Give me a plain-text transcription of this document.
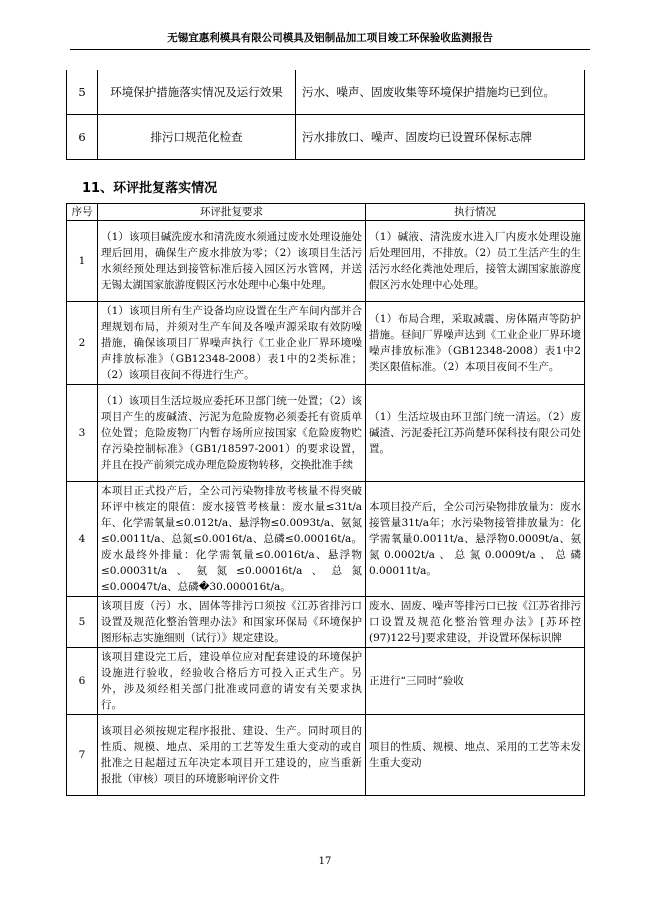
无锡宜惠利模具有限公司模具及铝制品加工项目竣工环保验收监测报告
5	环境保护措施落实情况及运行效果	污水、噪声、固废收集等环境保护措施均已到位。
6	排污口规范化检查	污水排放口、噪声、固废均已设置环保标志牌
11、环评批复落实情况
序号	环评批复要求	执行情况
1	（1）该项目碱洗废水和清洗废水须通过废水处理设施处理后回用，确保生产废水排放为零；（2）该项目生活污水须经预处理达到接管标准后接入园区污水管网，并送无锡太湖国家旅游度假区污水处理中心集中处理。	（1）碱液、清洗废水进入厂内废水处理设施后处理回用，不排放。（2）员工生活产生的生活污水经化粪池处理后，接管太湖国家旅游度假区污水处理中心处理。
2	（1）该项目所有生产设备均应设置在生产车间内部并合理规划布局，并须对生产车间及各噪声源采取有效防噪措施，确保该项目厂界噪声执行《工业企业厂界环境噪声排放标准》（GB12348-2008）表1中的2类标准；（2）该项目夜间不得进行生产。	（1）布局合理，采取减震、房体隔声等防护措施。昼间厂界噪声达到《工业企业厂界环境噪声排放标准》（GB12348-2008）表1中2类区限值标准。（2）本项目夜间不生产。
3	（1）该项目生活垃圾应委托环卫部门统一处置；（2）该项目产生的废碱渣、污泥为危险废物必须委托有资质单位处置；危险废物厂内暂存场所应按国家《危险废物贮存污染控制标准》（GB1/18597-2001）的要求设置，并且在投产前须完成办理危险废物转移，交换批准手续	（1）生活垃圾由环卫部门统一清运。（2）废碱渣、污泥委托江苏尚楚环保科技有限公司处置。
4	本项目正式投产后，全公司污染物排放考核量不得突破环评中核定的限值：废水接管考核量：废水量≤31t/a 年、化学需氧量≤0.012t/a、悬浮物≤0.0093t/a、氨氮≤0.0011t/a、总氮≤0.0016t/a、总磷≤0.00016t/a。废水最终外排量：化学需氧量≤0.0016t/a、悬浮物≤0.00031t/a、氨氮≤0.00016t/a、总氮≤0.00047t/a、总磷�30.000016t/a。	本项目投产后，全公司污染物排放量为：废水接管量31t/a年；水污染物接管排放量为：化学需氧量0.0011t/a、悬浮物0.0009t/a、氨氮0.0002t/a、总氮0.0009t/a、总磷0.00011t/a。
5	该项目废（污）水、固体等排污口须按《江苏省排污口设置及规范化整治管理办法》和国家环保局《环境保护图形标志实施细则（试行）》规定建设。	废水、固废、噪声等排污口已按《江苏省排污口设置及规范化整治管理办法》[苏环控(97)122号]要求建设，并设置环保标识牌
6	该项目建设完工后，建设单位应对配套建设的环境保护设施进行验收，经验收合格后方可投入正式生产。另外，涉及须经相关部门批准或同意的请安有关要求执行。	正进行“三同时”验收
7	该项目必须按规定程序报批、建设、生产。同时项目的性质、规模、地点、采用的工艺等发生重大变动的或自批准之日起超过五年决定本项目开工建设的，应当重新报批（审核）项目的环境影响评价文件	项目的性质、规模、地点、采用的工艺等未发生重大变动
17
